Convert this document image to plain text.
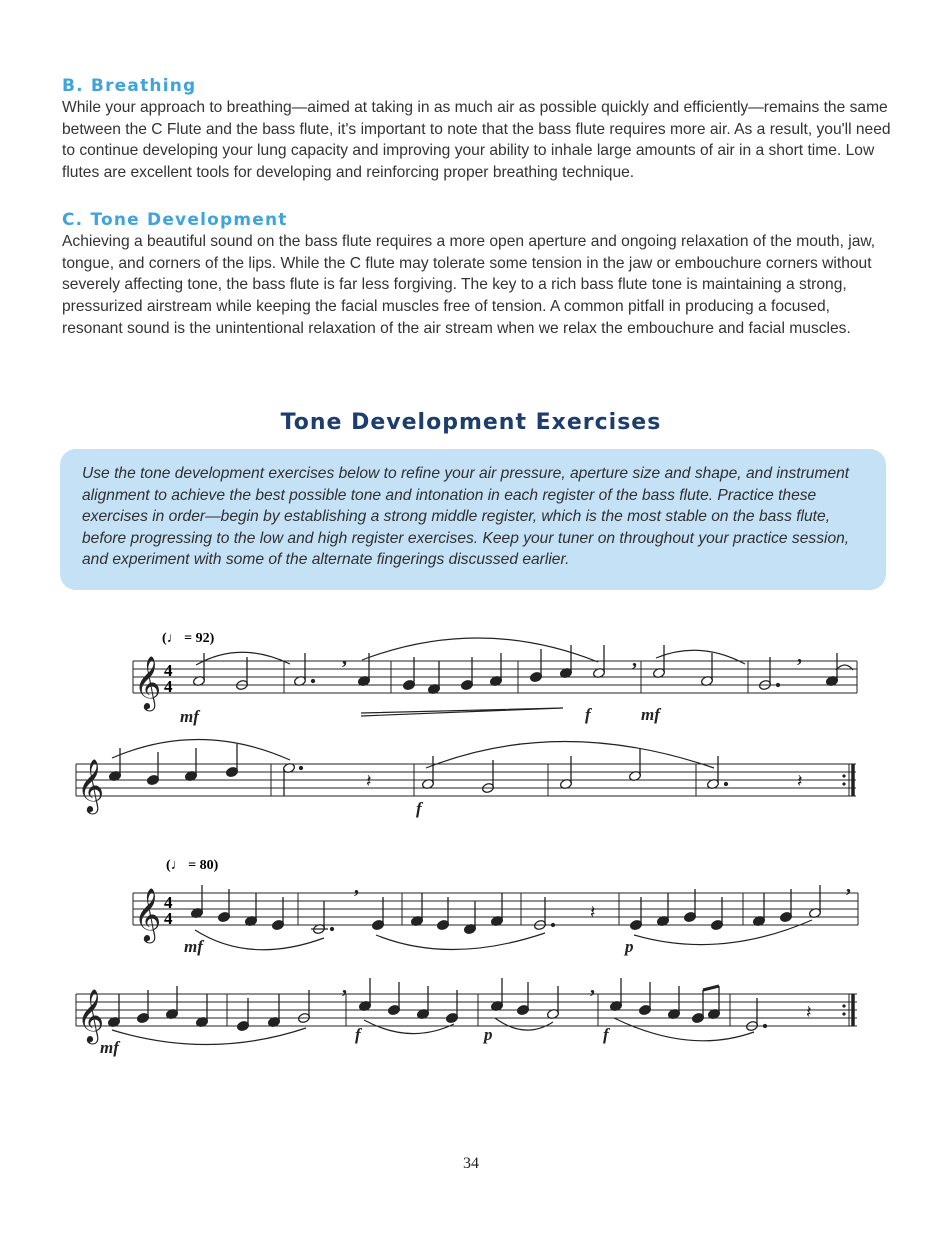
B. Breathing
While your approach to breathing—aimed at taking in as much air as possible quickly and efficiently—remains the same between the C Flute and the bass flute, it's important to note that the bass flute requires more air. As a result, you'll need to continue developing your lung capacity and improving your ability to inhale large amounts of air in a short time. Low flutes are excellent tools for developing and reinforcing proper breathing technique.
C. Tone Development
Achieving a beautiful sound on the bass flute requires a more open aperture and ongoing relaxation of the mouth, jaw, tongue, and corners of the lips. While the C flute may tolerate some tension in the jaw or embouchure corners without severely affecting tone, the bass flute is far less forgiving. The key to a rich bass flute tone is maintaining a strong, pressurized airstream while keeping the facial muscles free of tension. A common pitfall in producing a focused, resonant sound is the unintentional relaxation of the air stream when we relax the embouchure and facial muscles.
Tone Development Exercises

Use the tone development exercises below to refine your air pressure, aperture size and shape, and instrument alignment to achieve the best possible tone and intonation in each register of the bass flute. Practice these exercises in order—begin by establishing a strong middle register, which is the most stable on the bass flute, before progressing to the low and high register exercises. Keep your tuner on throughout your practice session, and experiment with some of the alternate fingerings discussed earlier.

(♩ = 92)
𝄞 4
4
,	,	,
mf	f	mf
𝄞	𝄽	𝄽
f
(♩ = 80)
𝄞 4
4	𝄽
,	,
mf	p
𝄞	𝄽
,	,
mf
f	p	f
34
